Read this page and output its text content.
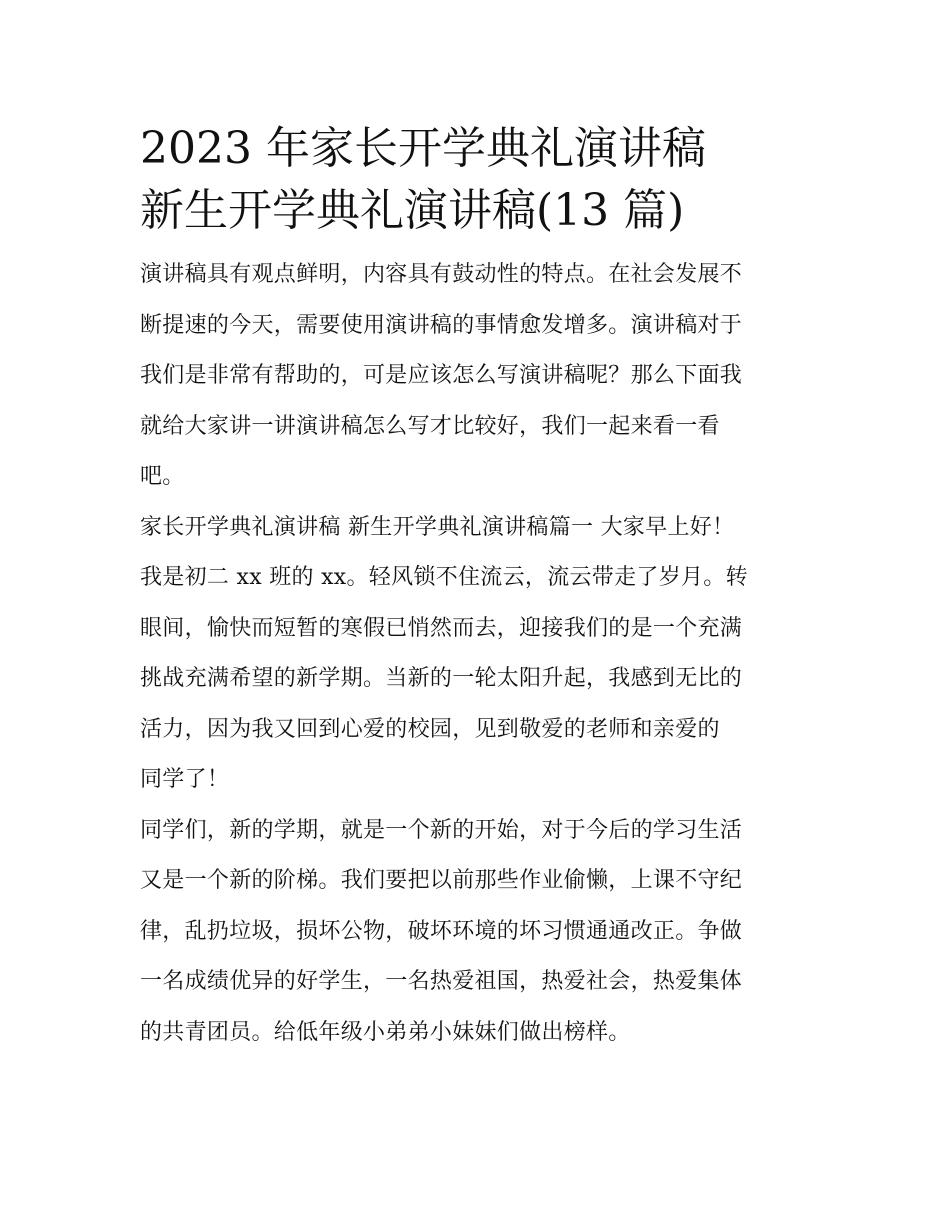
2023 年家长开学典礼演讲稿
新生开学典礼演讲稿(13 篇)

演讲稿具有观点鲜明，内容具有鼓动性的特点。在社会发展不
断提速的今天，需要使用演讲稿的事情愈发增多。演讲稿对于
我们是非常有帮助的，可是应该怎么写演讲稿呢？那么下面我
就给大家讲一讲演讲稿怎么写才比较好，我们一起来看一看
吧。

家长开学典礼演讲稿 新生开学典礼演讲稿篇一 大家早上好！
我是初二 xx 班的 xx。轻风锁不住流云，流云带走了岁月。转
眼间，愉快而短暂的寒假已悄然而去，迎接我们的是一个充满
挑战充满希望的新学期。当新的一轮太阳升起，我感到无比的
活力，因为我又回到心爱的校园，见到敬爱的老师和亲爱的
同学了！

同学们，新的学期，就是一个新的开始，对于今后的学习生活
又是一个新的阶梯。我们要把以前那些作业偷懒，上课不守纪
律，乱扔垃圾，损坏公物，破坏环境的坏习惯通通改正。争做
一名成绩优异的好学生，一名热爱祖国，热爱社会，热爱集体
的共青团员。给低年级小弟弟小妹妹们做出榜样。
